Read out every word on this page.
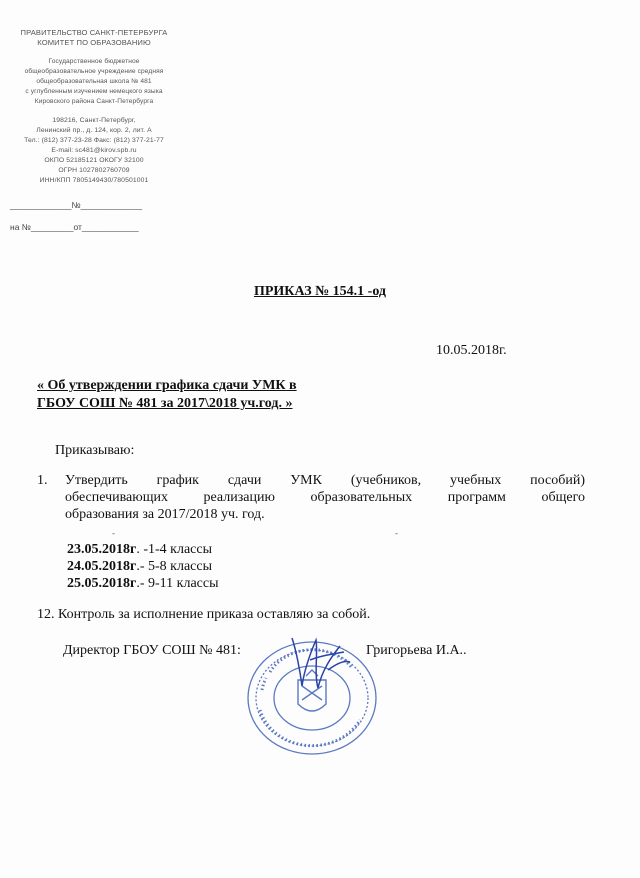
ПРАВИТЕЛЬСТВО САНКТ-ПЕТЕРБУРГА
КОМИТЕТ ПО ОБРАЗОВАНИЮ
Государственное бюджетное
общеобразовательное учреждение средняя
общеобразовательная школа № 481
с углубленным изучением немецкого языка
Кировского района Санкт-Петербурга
198216, Санкт-Петербург,
Ленинский пр., д. 124, кор. 2, лит. А
Тел.: (812) 377-23-28 Факс: (812) 377-21-77
E-mail: sc481@kirov.spb.ru
ОКПО 52185121 ОКОГУ 32100
ОГРН 1027802760709
ИНН/КПП 7805149430/780501001
_____________№_____________
на №_________от____________
ПРИКАЗ № 154.1 -од
10.05.2018г.
« Об утверждении графика сдачи УМК в
ГБОУ СОШ № 481 за 2017\2018 уч.год. »
Приказываю:
1. Утвердить график сдачи УМК (учебников, учебных пособий)
обеспечивающих реализацию образовательных программ общего
образования за 2017/2018 уч. год.
-	-
23.05.2018г. -1-4 классы
24.05.2018г.- 5-8 классы
25.05.2018г.- 9-11 классы
12. Контроль за исполнение приказа оставляю за собой.
Директор ГБОУ СОШ № 481:	Григорьева И.А..
